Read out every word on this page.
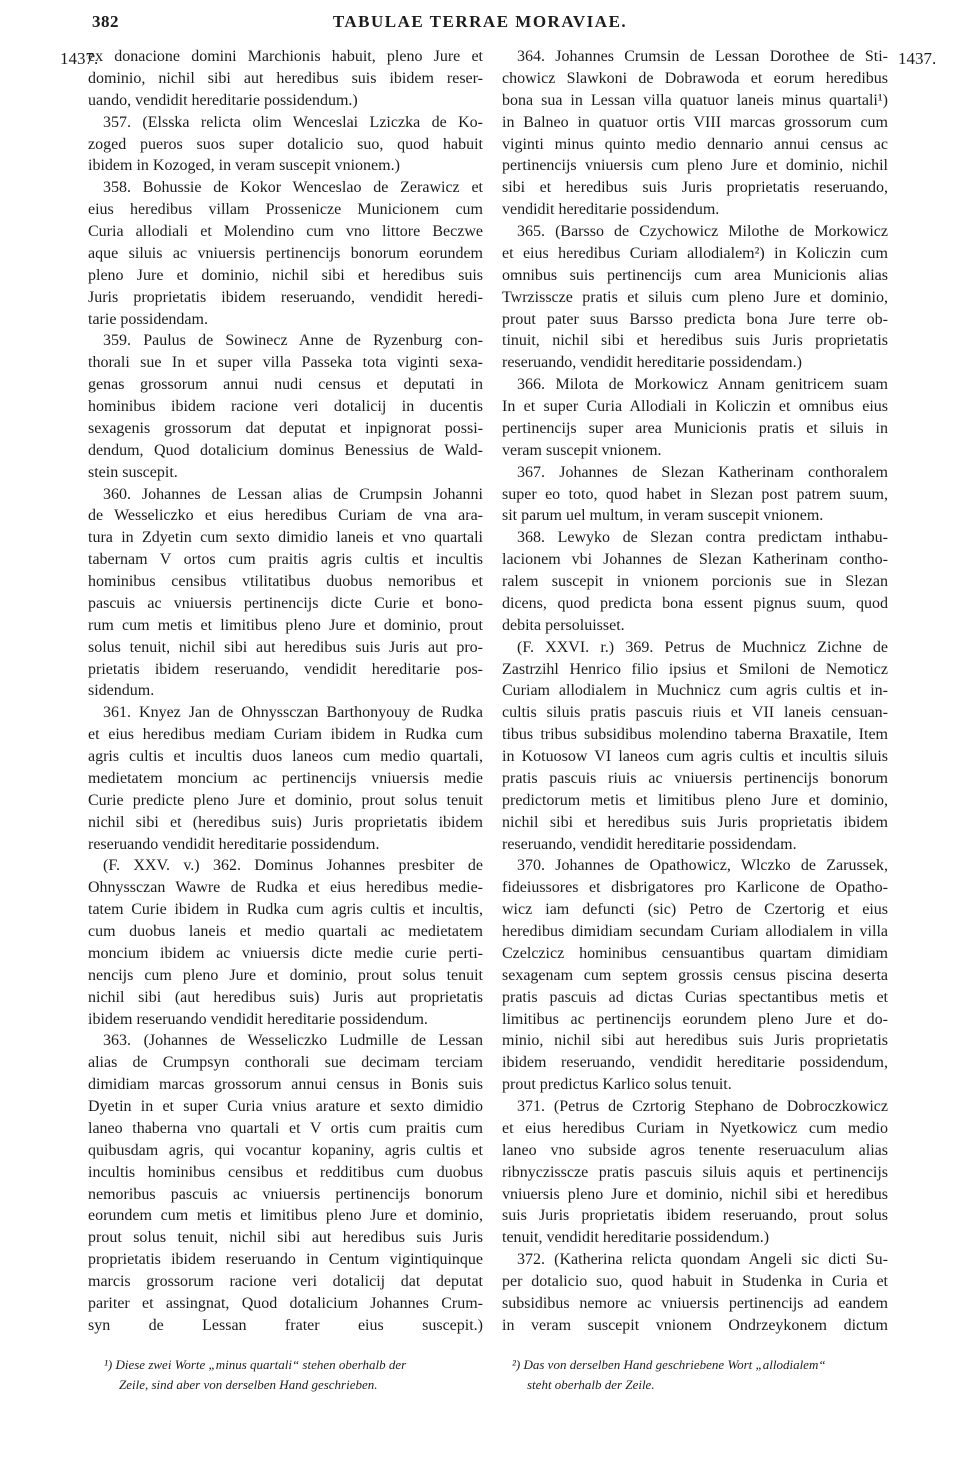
382	TABULAE TERRAE MORAVIAE.
1437.	1437.
ex donacione domini Marchionis habuit, pleno Jure et
dominio, nichil sibi aut heredibus suis ibidem reser-
uando, vendidit hereditarie possidendum.)
357. (Elsska relicta olim Wenceslai Lziczka de Ko-
zoged pueros suos super dotalicio suo, quod habuit
ibidem in Kozoged, in veram suscepit vnionem.)
358. Bohussie de Kokor Wenceslao de Zerawicz et
eius heredibus villam Prossenicze Municionem cum
Curia allodiali et Molendino cum vno littore Beczwe
aque siluis ac vniuersis pertinencijs bonorum eorundem
pleno Jure et dominio, nichil sibi et heredibus suis
Juris proprietatis ibidem reseruando, vendidit heredi-
tarie possidendam.
359. Paulus de Sowinecz Anne de Ryzenburg con-
thorali sue In et super villa Passeka tota viginti sexa-
genas grossorum annui nudi census et deputati in
hominibus ibidem racione veri dotalicij in ducentis
sexagenis grossorum dat deputat et inpignorat possi-
dendum, Quod dotalicium dominus Benessius de Wald-
stein suscepit.
360. Johannes de Lessan alias de Crumpsin Johanni
de Wesseliczko et eius heredibus Curiam de vna ara-
tura in Zdyetin cum sexto dimidio laneis et vno quartali
tabernam V ortos cum praitis agris cultis et incultis
hominibus censibus vtilitatibus duobus nemoribus et
pascuis ac vniuersis pertinencijs dicte Curie et bono-
rum cum metis et limitibus pleno Jure et dominio, prout
solus tenuit, nichil sibi aut heredibus suis Juris aut pro-
prietatis ibidem reseruando, vendidit hereditarie pos-
sidendum.
361. Knyez Jan de Ohnyssczan Barthonyouy de Rudka
et eius heredibus mediam Curiam ibidem in Rudka cum
agris cultis et incultis duos laneos cum medio quartali,
medietatem moncium ac pertinencijs vniuersis medie
Curie predicte pleno Jure et dominio, prout solus tenuit
nichil sibi et (heredibus suis) Juris proprietatis ibidem
reseruando vendidit hereditarie possidendum.
(F. XXV. v.) 362. Dominus Johannes presbiter de
Ohnyssczan Wawre de Rudka et eius heredibus medie-
tatem Curie ibidem in Rudka cum agris cultis et incultis,
cum duobus laneis et medio quartali ac medietatem
moncium ibidem ac vniuersis dicte medie curie perti-
nencijs cum pleno Jure et dominio, prout solus tenuit
nichil sibi (aut heredibus suis) Juris aut proprietatis
ibidem reseruando vendidit hereditarie possidendum.
363. (Johannes de Wesseliczko Ludmille de Lessan
alias de Crumpsyn conthorali sue decimam terciam
dimidiam marcas grossorum annui census in Bonis suis
Dyetin in et super Curia vnius arature et sexto dimidio
laneo thaberna vno quartali et V ortis cum praitis cum
quibusdam agris, qui vocantur kopaniny, agris cultis et
incultis hominibus censibus et redditibus cum duobus
nemoribus pascuis ac vniuersis pertinencijs bonorum
eorundem cum metis et limitibus pleno Jure et dominio,
prout solus tenuit, nichil sibi aut heredibus suis Juris
proprietatis ibidem reseruando in Centum vigintiquinque
marcis grossorum racione veri dotalicij dat deputat
pariter et assingnat, Quod dotalicium Johannes Crum-
syn de Lessan frater eius suscepit.)
364. Johannes Crumsin de Lessan Dorothee de Sti-
chowicz Slawkoni de Dobrawoda et eorum heredibus
bona sua in Lessan villa quatuor laneis minus quartali¹)
in Balneo in quatuor ortis VIII marcas grossorum cum
viginti minus quinto medio dennario annui census ac
pertinencijs vniuersis cum pleno Jure et dominio, nichil
sibi et heredibus suis Juris proprietatis reseruando,
vendidit hereditarie possidendum.
365. (Barsso de Czychowicz Milothe de Morkowicz
et eius heredibus Curiam allodialem²) in Koliczin cum
omnibus suis pertinencijs cum area Municionis alias
Twrzissczе pratis et siluis cum pleno Jure et dominio,
prout pater suus Barsso predicta bona Jure terre ob-
tinuit, nichil sibi et heredibus suis Juris proprietatis
reseruando, vendidit hereditarie possidendam.)
366. Milota de Morkowicz Annam genitricem suam
In et super Curia Allodiali in Koliczin et omnibus eius
pertinencijs super area Municionis pratis et siluis in
veram suscepit vnionem.
367. Johannes de Slezan Katherinam conthoralem
super eo toto, quod habet in Slezan post patrem suum,
sit parum uel multum, in veram suscepit vnionem.
368. Lewyko de Slezan contra predictam inthabu-
lacionem vbi Johannes de Slezan Katherinam contho-
ralem suscepit in vnionem porcionis sue in Slezan
dicens, quod predicta bona essent pignus suum, quod
debita persoluisset.
(F. XXVI. r.) 369. Petrus de Muchnicz Zichne de
Zastrzihl Henrico filio ipsius et Smiloni de Nemoticz
Curiam allodialem in Muchnicz cum agris cultis et in-
cultis siluis pratis pascuis riuis et VII laneis censuan-
tibus tribus subsidibus molendino taberna Braxatile, Item
in Kotuosow VI laneos cum agris cultis et incultis siluis
pratis pascuis riuis ac vniuersis pertinencijs bonorum
predictorum metis et limitibus pleno Jure et dominio,
nichil sibi et heredibus suis Juris proprietatis ibidem
reseruando, vendidit hereditarie possidendam.
370. Johannes de Opathowicz, Wlczko de Zarussek,
fideiussores et disbrigatores pro Karlicone de Opatho-
wicz iam defuncti (sic) Petro de Czertorig et eius
heredibus dimidiam secundam Curiam allodialem in villa
Czelczicz hominibus censuantibus quartam dimidiam
sexagenam cum septem grossis census piscina deserta
pratis pascuis ad dictas Curias spectantibus metis et
limitibus ac pertinencijs eorundem pleno Jure et do-
minio, nichil sibi aut heredibus suis Juris proprietatis
ibidem reseruando, vendidit hereditarie possidendum,
prout predictus Karlico solus tenuit.
371. (Petrus de Czrtorig Stephano de Dobroczkowicz
et eius heredibus Curiam in Nyetkowicz cum medio
laneo vno subside agros tenente reseruaculum alias
ribnyczissczе pratis pascuis siluis aquis et pertinencijs
vniuersis pleno Jure et dominio, nichil sibi et heredibus
suis Juris proprietatis ibidem reseruando, prout solus
tenuit, vendidit hereditarie possidendum.)
372. (Katherina relicta quondam Angeli sic dicti Su-
per dotalicio suo, quod habuit in Studenka in Curia et
subsidibus nemore ac vniuersis pertinencijs ad eandem
in veram suscepit vnionem Ondrzeykonem dictum
¹) Diese zwei Worte „minus quartali“ stehen oberhalb der
Zeile, sind aber von derselben Hand geschrieben.
²) Das von derselben Hand geschriebene Wort „allodialem“
steht oberhalb der Zeile.
